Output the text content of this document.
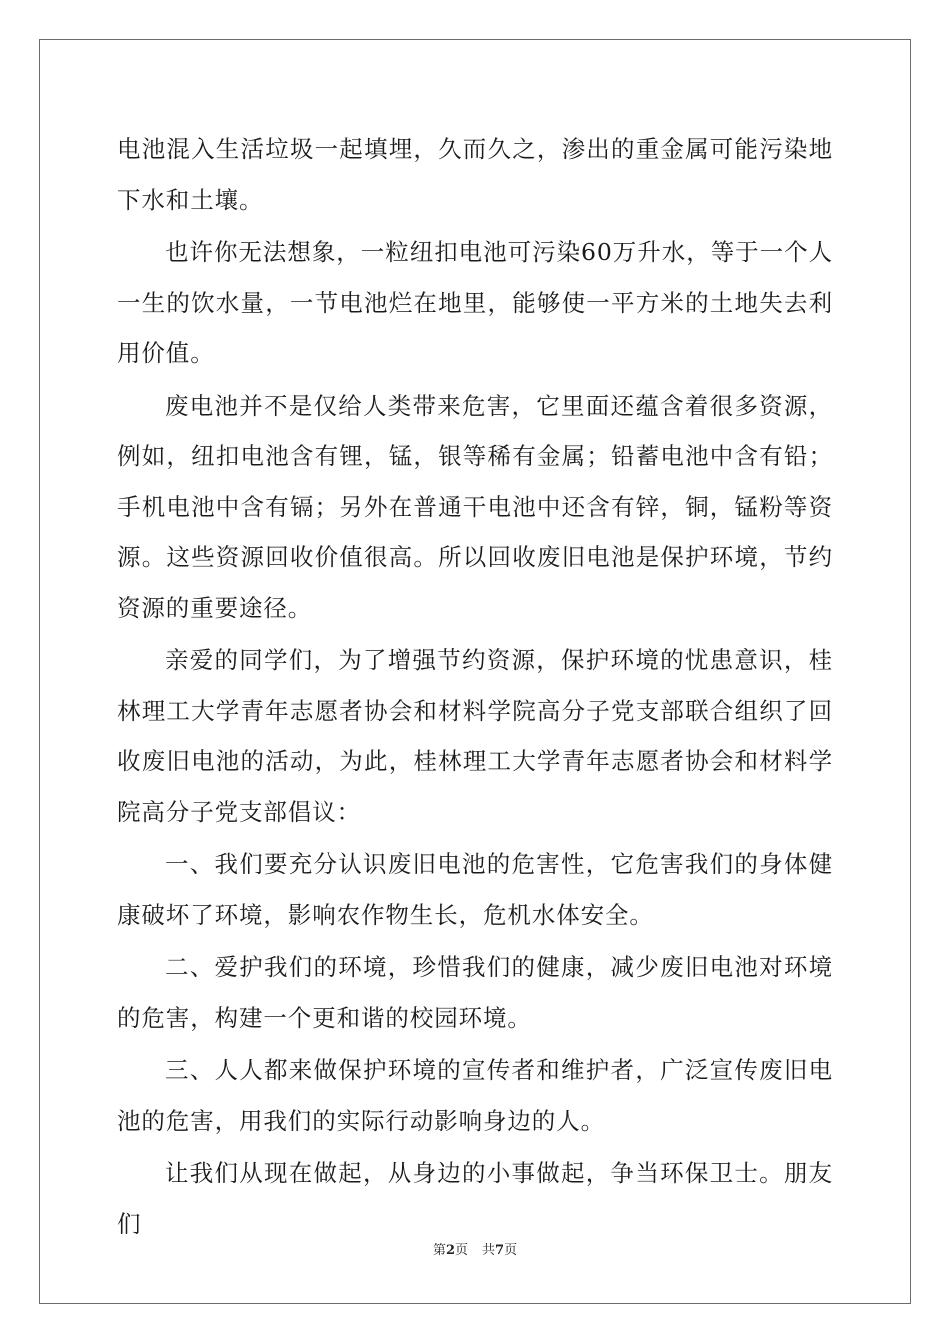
电池混入生活垃圾一起填埋，久而久之，渗出的重金属可能污染地下水和土壤。

也许你无法想象，一粒纽扣电池可污染60万升水，等于一个人一生的饮水量，一节电池烂在地里，能够使一平方米的土地失去利用价值。

废电池并不是仅给人类带来危害，它里面还蕴含着很多资源，例如，纽扣电池含有锂，锰，银等稀有金属；铅蓄电池中含有铅；手机电池中含有镉；另外在普通干电池中还含有锌，铜，锰粉等资源。这些资源回收价值很高。所以回收废旧电池是保护环境，节约资源的重要途径。

亲爱的同学们，为了增强节约资源，保护环境的忧患意识，桂林理工大学青年志愿者协会和材料学院高分子党支部联合组织了回收废旧电池的活动，为此，桂林理工大学青年志愿者协会和材料学院高分子党支部倡议：

一、我们要充分认识废旧电池的危害性，它危害我们的身体健康破坏了环境，影响农作物生长，危机水体安全。

二、爱护我们的环境，珍惜我们的健康，减少废旧电池对环境的危害，构建一个更和谐的校园环境。

三、人人都来做保护环境的宣传者和维护者，广泛宣传废旧电池的危害，用我们的实际行动影响身边的人。

让我们从现在做起，从身边的小事做起，争当环保卫士。朋友们

第2页 共7页
